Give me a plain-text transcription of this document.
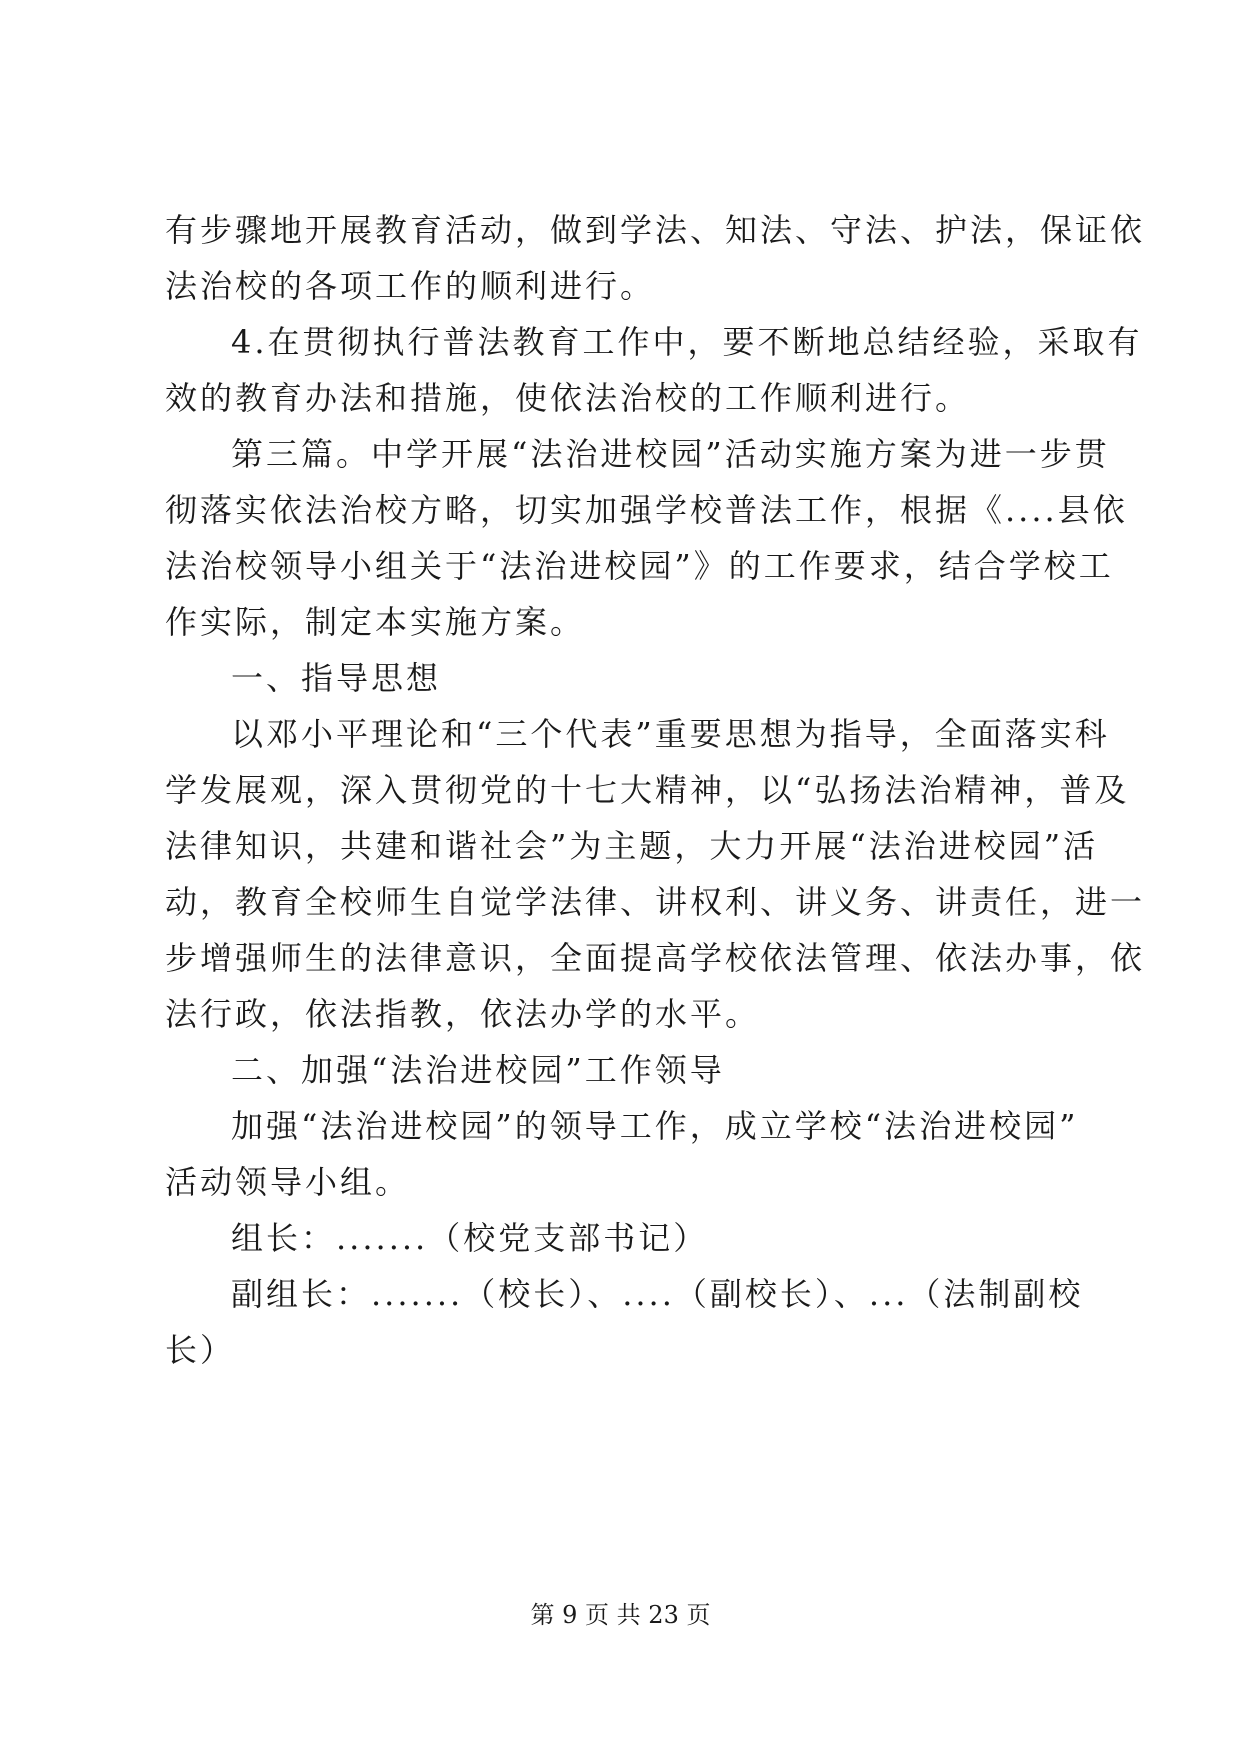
有步骤地开展教育活动，做到学法、知法、守法、护法，保证依
法治校的各项工作的顺利进行。
4.在贯彻执行普法教育工作中，要不断地总结经验，采取有
效的教育办法和措施，使依法治校的工作顺利进行。
第三篇。中学开展“法治进校园”活动实施方案为进一步贯
彻落实依法治校方略，切实加强学校普法工作，根据《....县依
法治校领导小组关于“法治进校园”》的工作要求，结合学校工
作实际，制定本实施方案。
一、指导思想
以邓小平理论和“三个代表”重要思想为指导，全面落实科
学发展观，深入贯彻党的十七大精神，以“弘扬法治精神，普及
法律知识，共建和谐社会”为主题，大力开展“法治进校园”活
动，教育全校师生自觉学法律、讲权利、讲义务、讲责任，进一
步增强师生的法律意识，全面提高学校依法管理、依法办事，依
法行政，依法指教，依法办学的水平。
二、加强“法治进校园”工作领导
加强“法治进校园”的领导工作，成立学校“法治进校园”
活动领导小组。
组长：.......（校党支部书记）
副组长：.......（校长）、....（副校长）、...（法制副校
长）
第 9 页 共 23 页
